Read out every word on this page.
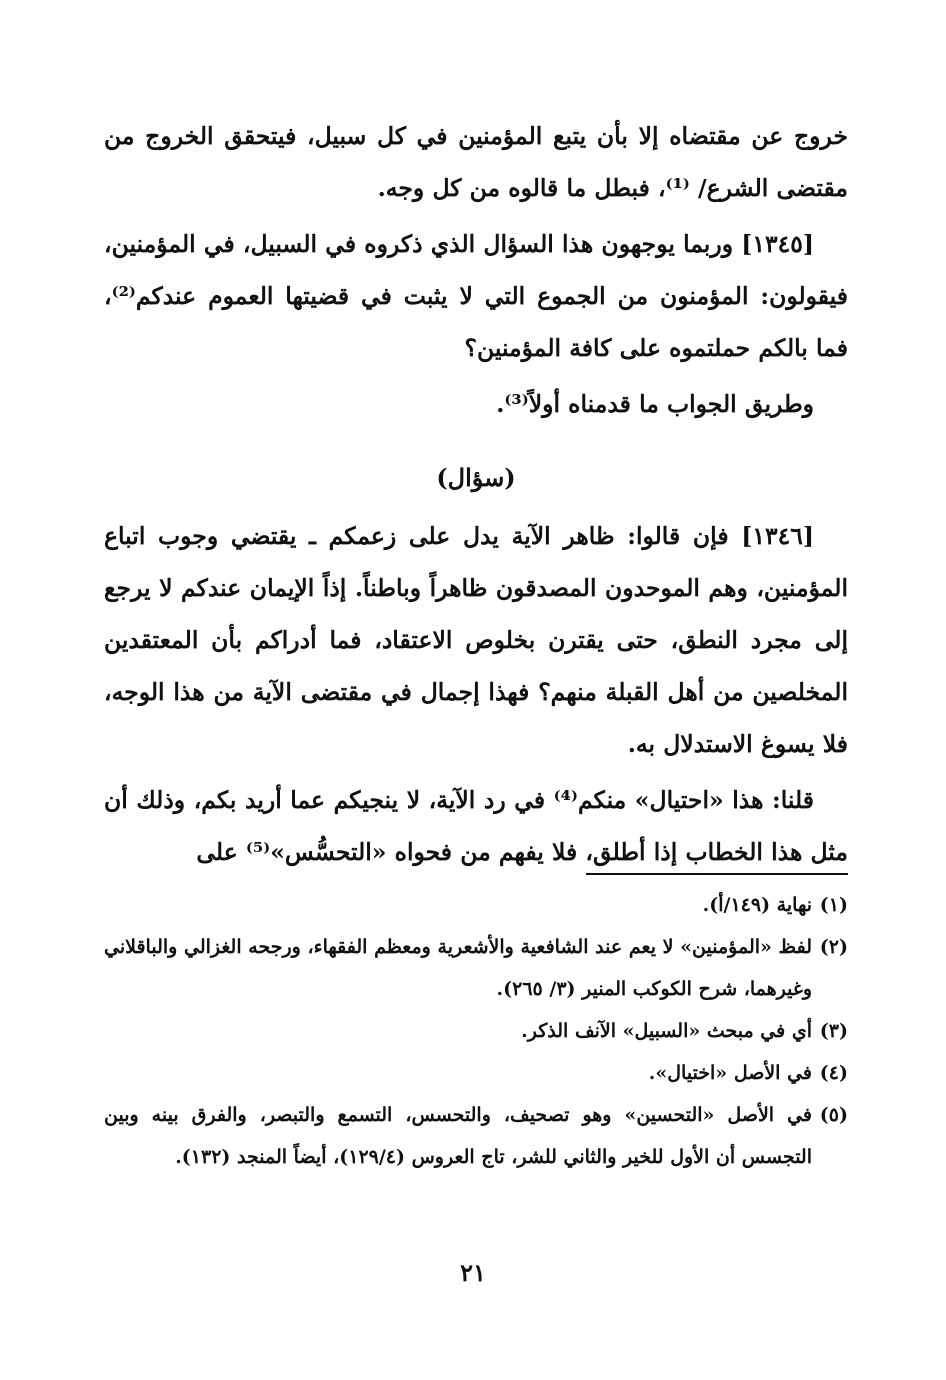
خروج عن مقتضاه إلا بأن يتبع المؤمنين في كل سبيل، فيتحقق الخروج من مقتضى الشرع/ ⁽¹⁾، فبطل ما قالوه من كل وجه.

[١٣٤٥] وربما يوجهون هذا السؤال الذي ذكروه في السبيل، في المؤمنين، فيقولون: المؤمنون من الجموع التي لا يثبت في قضيتها العموم عندكم⁽²⁾، فما بالكم حملتموه على كافة المؤمنين؟

وطريق الجواب ما قدمناه أولاً⁽³⁾.

(سؤال)

[١٣٤٦] فإن قالوا: ظاهر الآية يدل على زعمكم ـ يقتضي وجوب اتباع المؤمنين، وهم الموحدون المصدقون ظاهراً وباطناً. إذاً الإيمان عندكم لا يرجع إلى مجرد النطق، حتى يقترن بخلوص الاعتقاد، فما أدراكم بأن المعتقدين المخلصين من أهل القبلة منهم؟ فهذا إجمال في مقتضى الآية من هذا الوجه، فلا يسوغ الاستدلال به.

قلنا: هذا «احتيال» منكم⁽⁴⁾ في رد الآية، لا ينجيكم عما أريد بكم، وذلك أن مثل هذا الخطاب إذا أطلق، فلا يفهم من فحواه «التحسُّس»⁽⁵⁾ على

(١)
نهاية (١٤٩/أ).
(٢)
لفظ «المؤمنين» لا يعم عند الشافعية والأشعرية ومعظم الفقهاء، ورجحه الغزالي والباقلاني وغيرهما، شرح الكوكب المنير (٣/ ٢٦٥).
(٣)
أي في مبحث «السبيل» الآنف الذكر.
(٤)
في الأصل «اختيال».
(٥)
في الأصل «التحسين» وهو تصحيف، والتحسس، التسمع والتبصر، والفرق بينه وبين التجسس أن الأول للخير والثاني للشر، تاج العروس (١٢٩/٤)، أيضاً المنجد (١٣٢).
٢١
